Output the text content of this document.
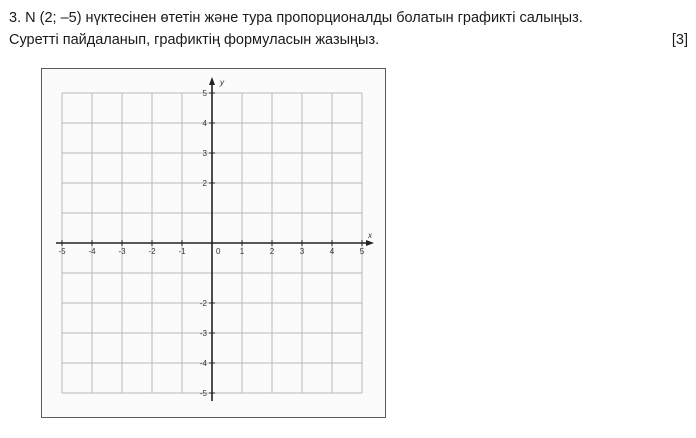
3. N (2; –5) нүктесінен өтетін және тура пропорционалды болатын графикті салыңыз.
Суретті пайдаланып, графиктің формуласын жазыңыз.	[3]
-5	-4	-3	-2	-1	1	2	3	4	5
5
4
3
2
-2
-3
-4
-5
0
x
y
